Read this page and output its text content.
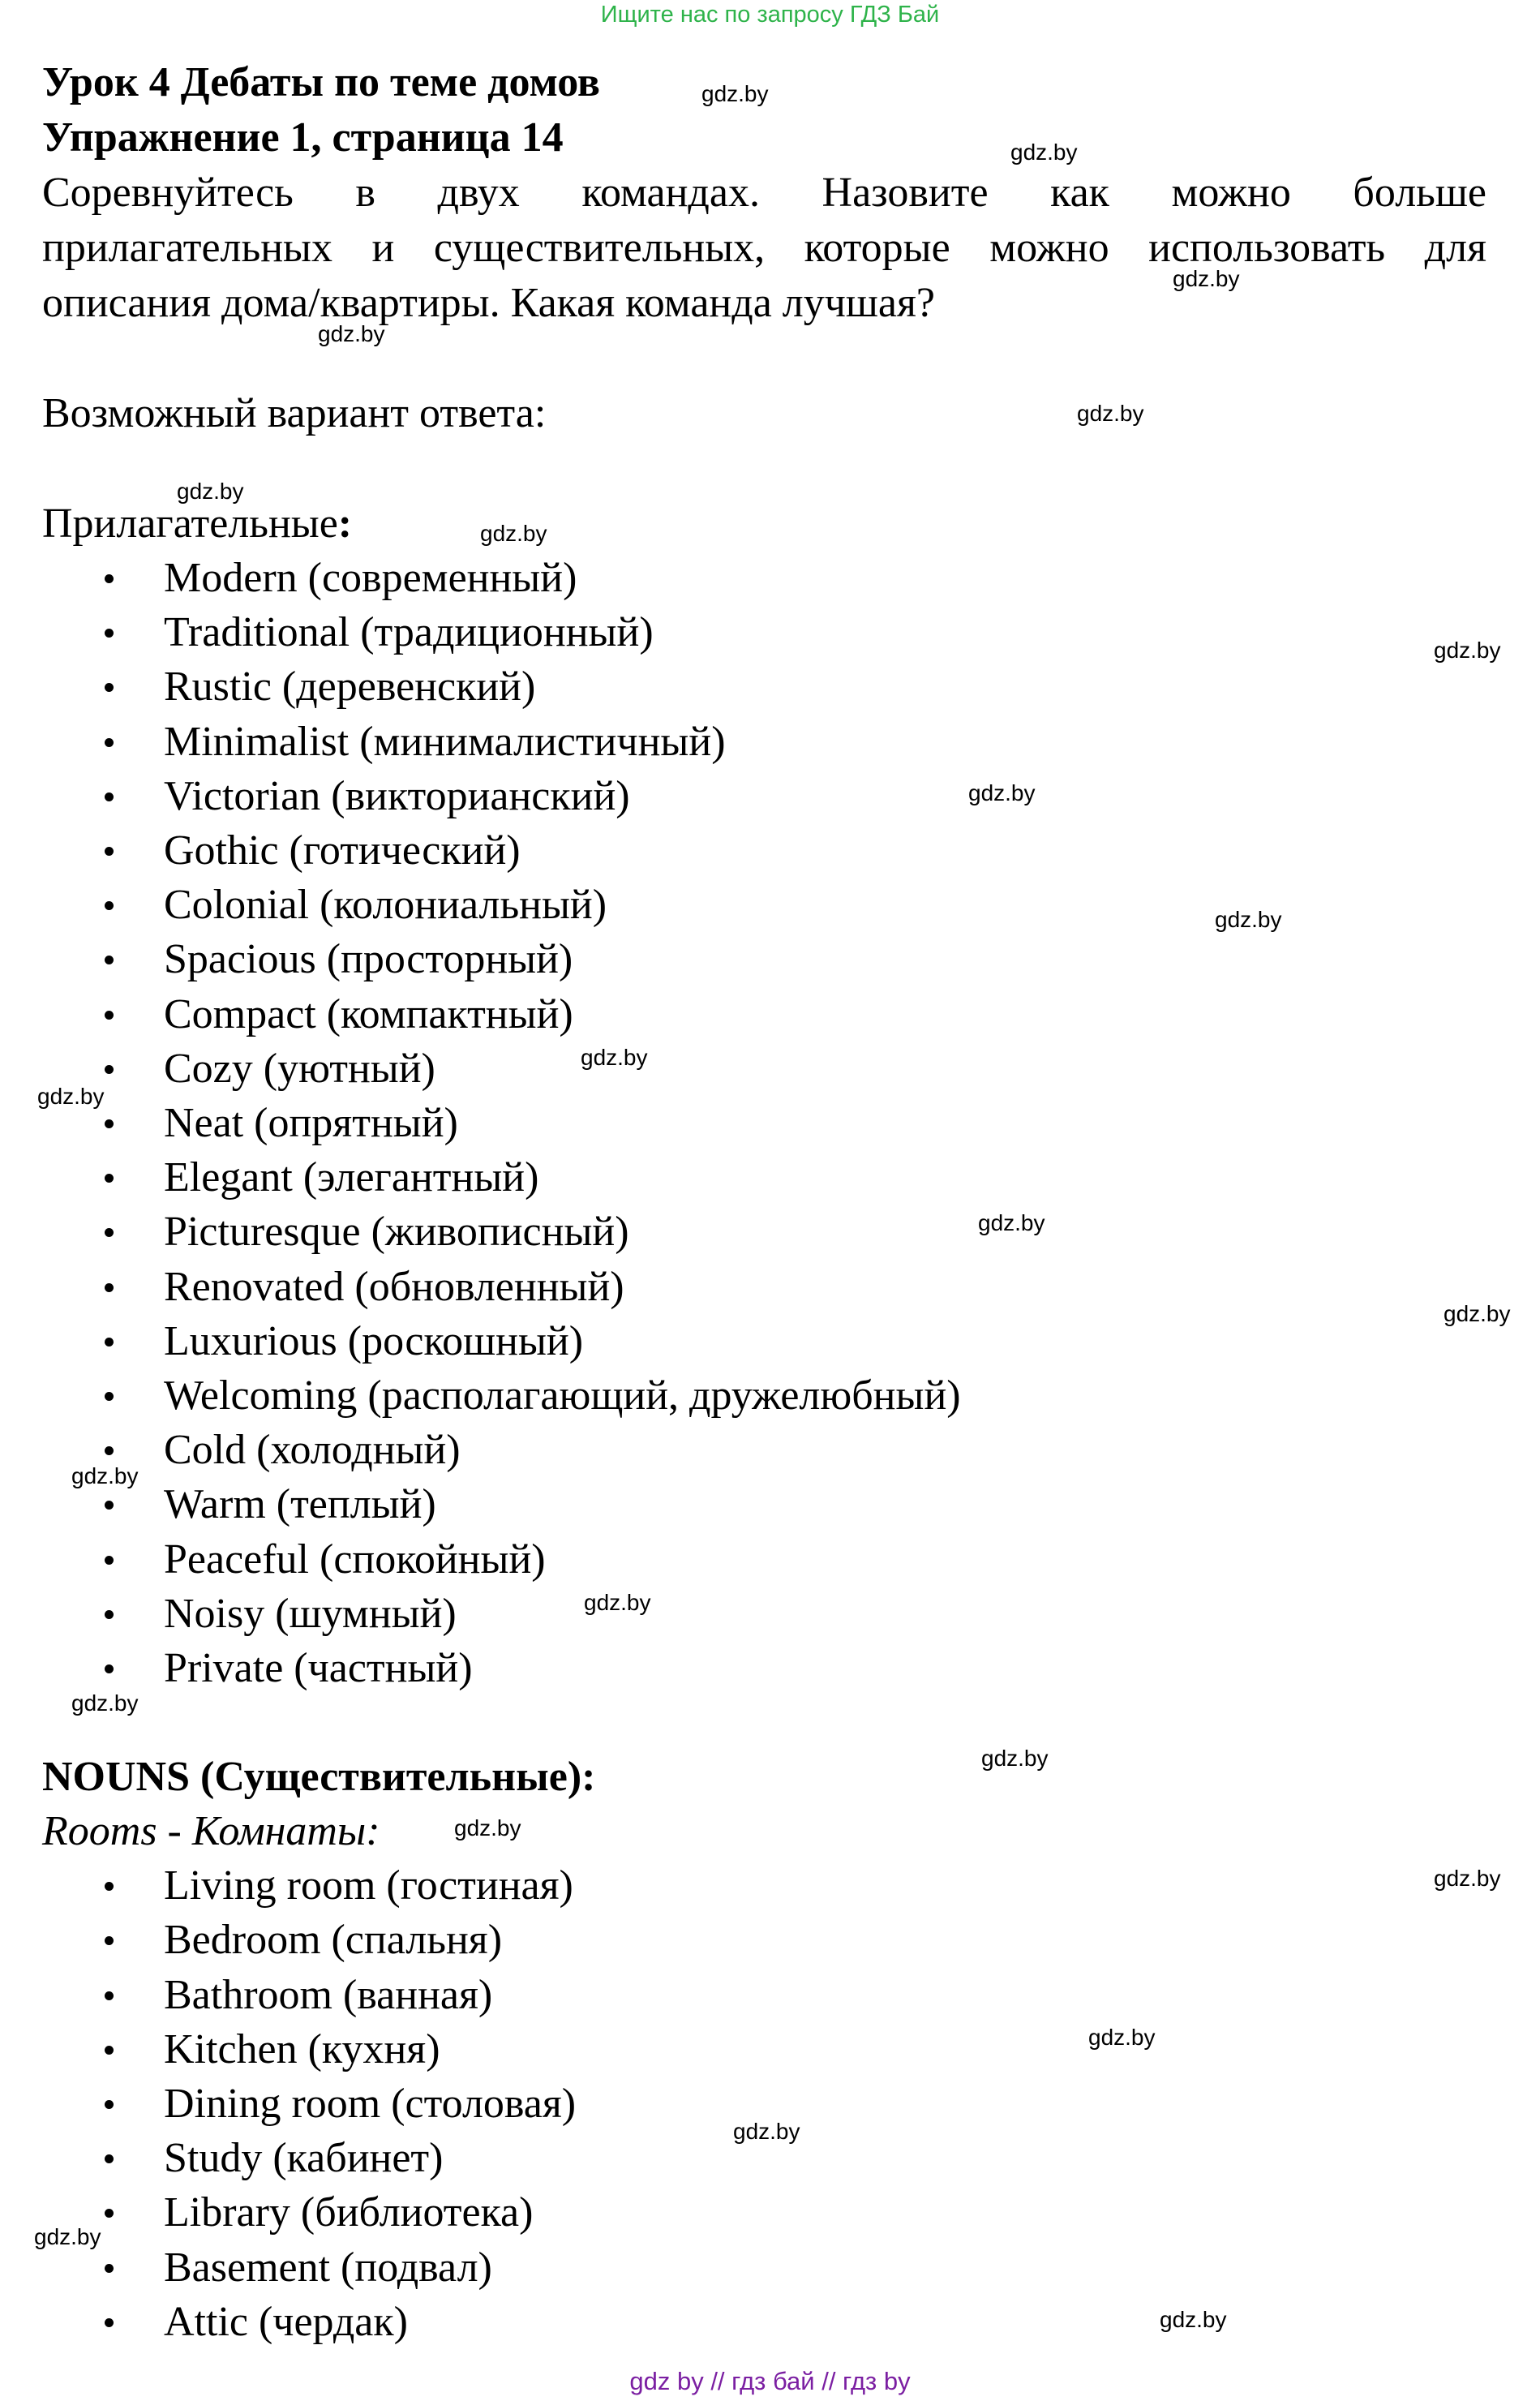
Ищите нас по запросу ГДЗ Бай

Урок 4 Дебаты по теме домов

Упражнение 1, страница 14

Соревнуйтесь в двух командах. Назовите как можно больше

прилагательных и существительных, которые можно использовать для

описания дома/квартиры. Какая команда лучшая?

Возможный вариант ответа:

Прилагательные:

Modern (современный)
Traditional (традиционный)
Rustic (деревенский)
Minimalist (минималистичный)
Victorian (викторианский)
Gothic (готический)
Colonial (колониальный)
Spacious (просторный)
Compact (компактный)
Cozy (уютный)
Neat (опрятный)
Elegant (элегантный)
Picturesque (живописный)
Renovated (обновленный)
Luxurious (роскошный)
Welcoming (располагающий, дружелюбный)
Cold (холодный)
Warm (теплый)
Peaceful (спокойный)
Noisy (шумный)
Private (частный)

NOUNS (Существительные):

Rooms - Комнаты:

Living room (гостиная)
Bedroom (спальня)
Bathroom (ванная)
Kitchen (кухня)
Dining room (столовая)
Study (кабинет)
Library (библиотека)
Basement (подвал)
Attic (чердак)
gdz.by
gdz.by
gdz.by
gdz.by
gdz.by
gdz.by
gdz.by
gdz.by
gdz.by
gdz.by
gdz.by
gdz.by
gdz.by
gdz.by
gdz.by
gdz.by
gdz.by
gdz.by
gdz.by
gdz.by
gdz.by
gdz.by
gdz.by
gdz.by
gdz by // гдз бай // гдз by
